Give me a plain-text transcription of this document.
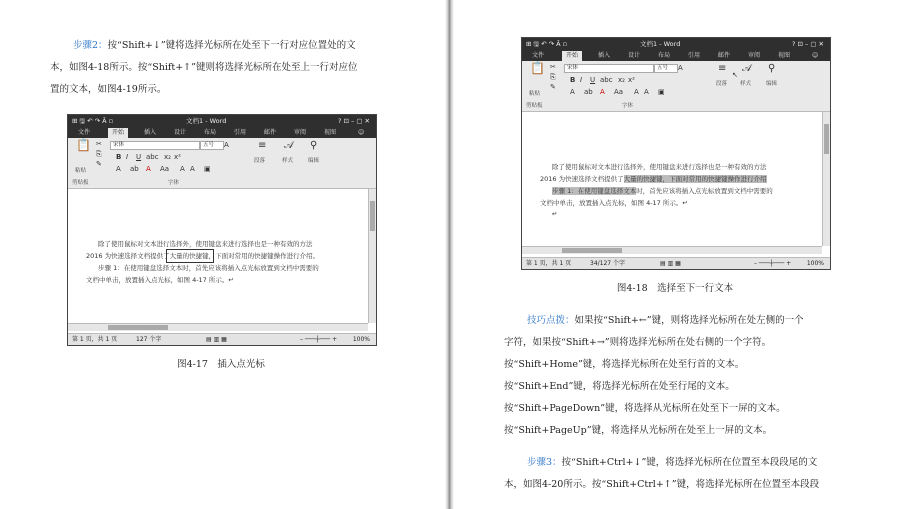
步骤2：按“Shift+↓”键将选择光标所在处至下一行对应位置处的文

本，如图4-18所示。按“Shift+↑”键则将选择光标所在处至上一行对应位

置的文本，如图4-19所示。

⊞ 🖫 ↶ ↷ Ā ▫	文档1 - Word	? ⊡ – ▢ ✕
文件	开始	插入	设计	布局	引用	邮件	审阅	视图	☺
📋
粘贴
✂
⎘
✎
宋体	五号	A
B I U abc x₂ x²
A ab A Aa A A ▣
≡
段落
𝒜
样式
⚲
编辑
剪贴板	字体
除了使用鼠标对文本进行选择外，使用键盘来进行选择也是一种有效的方法
2016 为快速选择文档提供了大量的快捷键，下面对常用的快捷键操作进行介绍。
步骤 1：在使用键盘选择文本时，首先应该将插入点光标放置到文档中需要的
文档中单击，放置插入点光标，如图 4-17 所示。↵
第 1 页，共 1 页	127 个字	▤ ▥ ▦	– ───┼─── +	100%
图4-17　插入点光标
⊞ 🖫 ↶ ↷ Ā ▫	文档1 - Word	? ⊡ – ▢ ✕
文件	开始	插入	设计	布局	引用	邮件	审阅	视图	☺
📋
粘贴
✂
⎘
✎
宋体	五号	A
B I U abc x₂ x²
A ab A Aa A A ▣
≡
↖
段落
𝒜
样式
⚲
编辑
剪贴板	字体
除了使用鼠标对文本进行选择外，使用键盘来进行选择也是一种有效的方法
2016 为快速选择文档提供了大量的快捷键，下面对常用的快捷键操作进行介绍
步骤 1：在使用键盘选择文本时，首先应该将插入点光标放置到文档中需要的
文档中单击，放置插入点光标，如图 4-17 所示。↵
↵
第 1 页，共 1 页	34/127 个字	▤ ▥ ▦	– ───┼─── +	100%
图4-18　选择至下一行文本

技巧点拨：如果按“Shift+←”键，则将选择光标所在处左侧的一个

字符，如果按“Shift+→”则将选择光标所在处右侧的一个字符。

按“Shift+Home”键，将选择光标所在处至行首的文本。

按“Shift+End”键，将选择光标所在处至行尾的文本。

按“Shift+PageDown”键，将选择从光标所在处至下一屏的文本。

按“Shift+PageUp”键，将选择从光标所在处至上一屏的文本。

步骤3：按“Shift+Ctrl+↓”键，将选择光标所在位置至本段段尾的文

本，如图4-20所示。按“Shift+Ctrl+↑”键，将选择光标所在位置至本段段
